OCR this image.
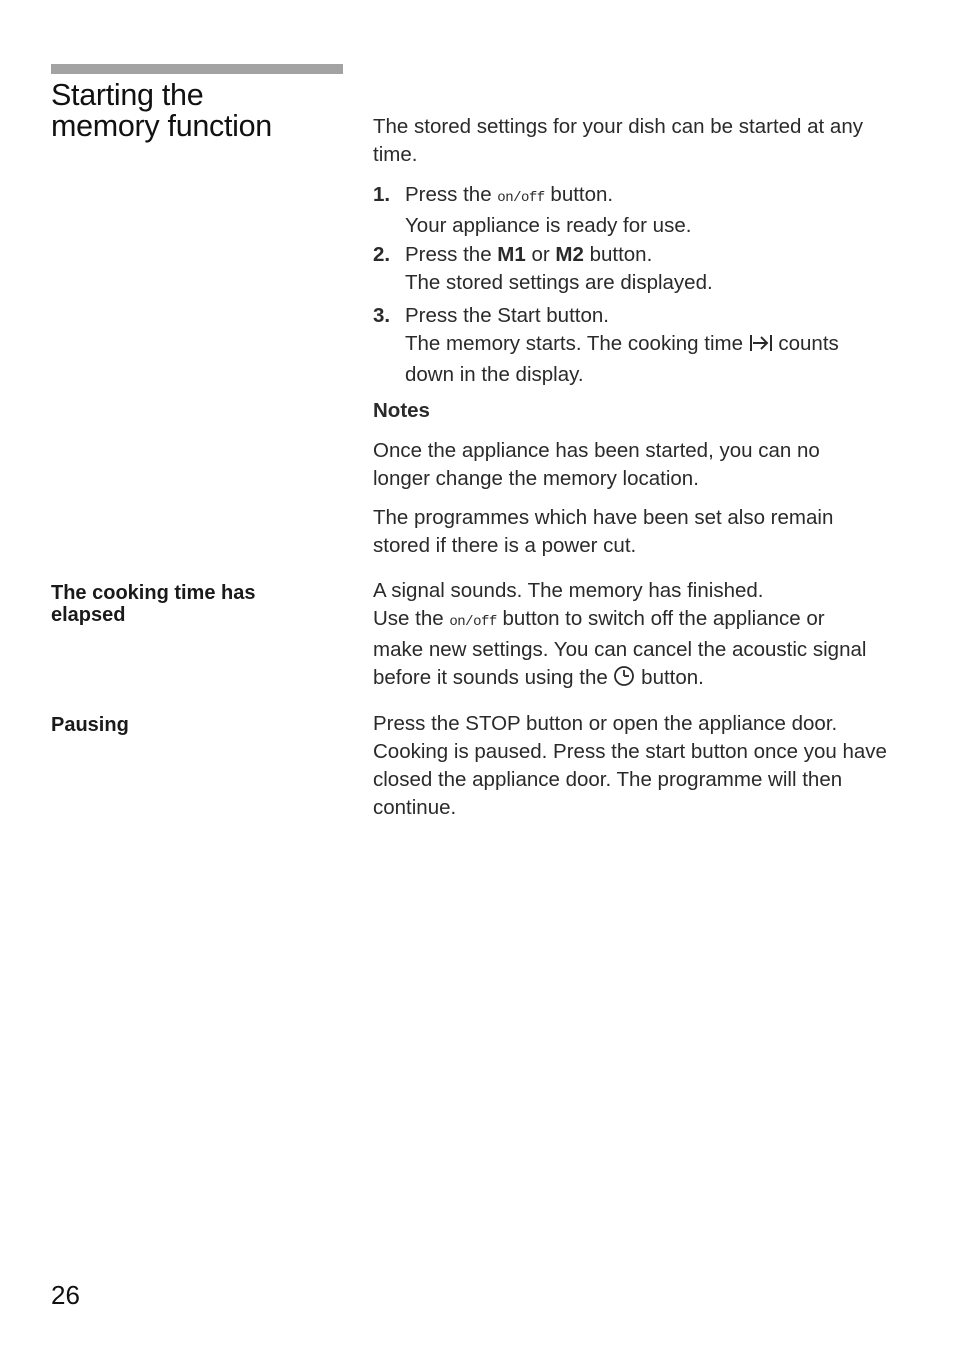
Starting the
memory function	The stored settings for your dish can be started at any time.
1. Press the on/off button.
Your appliance is ready for use.
2. Press the M1 or M2 button.
The stored settings are displayed.
3. Press the Start button.
The memory starts. The cooking time  counts down in the display.
Notes
Once the appliance has been started, you can no longer change the memory location.
The programmes which have been set also remain stored if there is a power cut.
The cooking time has elapsed
A signal sounds. The memory has finished.
Use the on/off button to switch off the appliance or make new settings. You can cancel the acoustic signal before it sounds using the  button.
Pausing	Press the STOP button or open the appliance door. Cooking is paused. Press the start button once you have closed the appliance door. The programme will then continue.
26
